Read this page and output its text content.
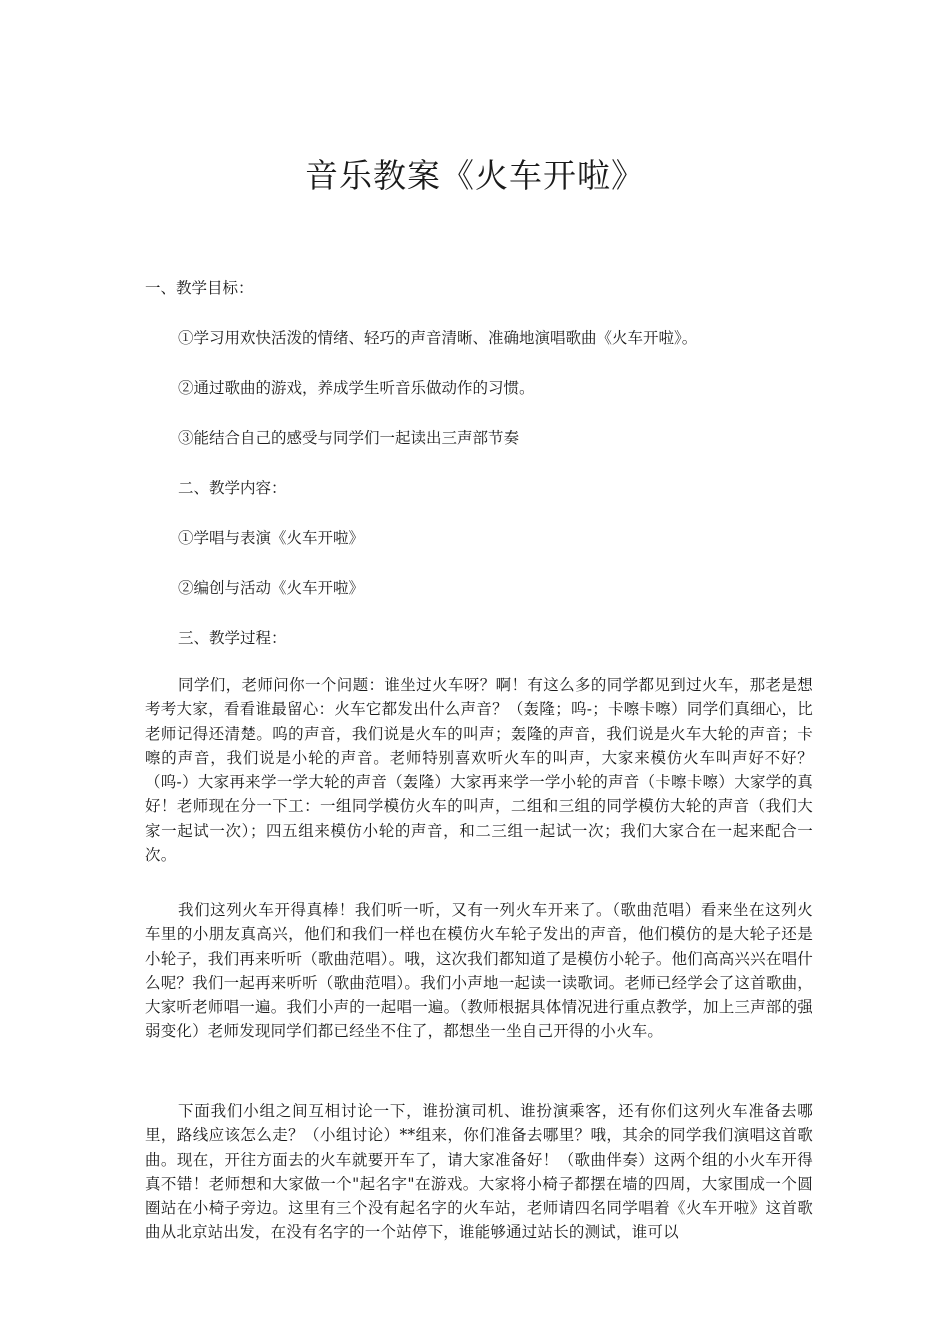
音乐教案《火车开啦》
一、教学目标：
①学习用欢快活泼的情绪、轻巧的声音清晰、准确地演唱歌曲《火车开啦》。
②通过歌曲的游戏，养成学生听音乐做动作的习惯。
③能结合自己的感受与同学们一起读出三声部节奏
二、教学内容：
①学唱与表演《火车开啦》
②编创与活动《火车开啦》
三、教学过程：
同学们，老师问你一个问题：谁坐过火车呀？啊！有这么多的同学都见到过火车，那老是想考考大家，看看谁最留心：火车它都发出什么声音？（轰隆；呜-；卡嚓卡嚓）同学们真细心，比老师记得还清楚。呜的声音，我们说是火车的叫声；轰隆的声音，我们说是火车大轮的声音；卡嚓的声音，我们说是小轮的声音。老师特别喜欢听火车的叫声，大家来模仿火车叫声好不好？（呜-）大家再来学一学大轮的声音（轰隆）大家再来学一学小轮的声音（卡嚓卡嚓）大家学的真好！老师现在分一下工：一组同学模仿火车的叫声，二组和三组的同学模仿大轮的声音（我们大家一起试一次）；四五组来模仿小轮的声音，和二三组一起试一次；我们大家合在一起来配合一次。
我们这列火车开得真棒！我们听一听，又有一列火车开来了。（歌曲范唱）看来坐在这列火车里的小朋友真高兴，他们和我们一样也在模仿火车轮子发出的声音，他们模仿的是大轮子还是小轮子，我们再来听听（歌曲范唱）。哦，这次我们都知道了是模仿小轮子。他们高高兴兴在唱什么呢？我们一起再来听听（歌曲范唱）。我们小声地一起读一读歌词。老师已经学会了这首歌曲，大家听老师唱一遍。我们小声的一起唱一遍。（教师根据具体情况进行重点教学，加上三声部的强弱变化）老师发现同学们都已经坐不住了，都想坐一坐自己开得的小火车。
下面我们小组之间互相讨论一下，谁扮演司机、谁扮演乘客，还有你们这列火车准备去哪里，路线应该怎么走？（小组讨论）**组来，你们准备去哪里？哦，其余的同学我们演唱这首歌曲。现在，开往方面去的火车就要开车了，请大家准备好！（歌曲伴奏）这两个组的小火车开得真不错！老师想和大家做一个"起名字"在游戏。大家将小椅子都摆在墙的四周，大家围成一个圆圈站在小椅子旁边。这里有三个没有起名字的火车站，老师请四名同学唱着《火车开啦》这首歌曲从北京站出发，在没有名字的一个站停下，谁能够通过站长的测试，谁可以
